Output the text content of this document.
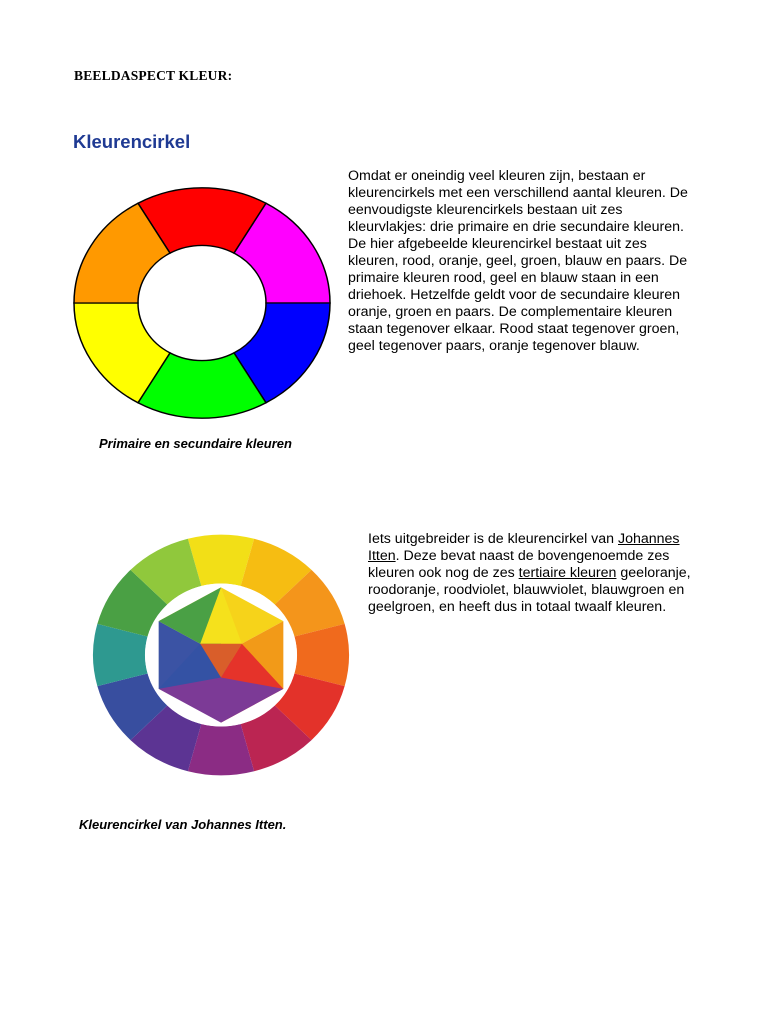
BEELDASPECT KLEUR:
Kleurencirkel

Primaire en secundaire kleuren

Omdat er oneindig veel kleuren zijn, bestaan er kleurencirkels met een verschillend aantal kleuren. De eenvoudigste kleurencirkels bestaan uit zes kleurvlakjes: drie primaire en drie secundaire kleuren.

De hier afgebeelde kleurencirkel bestaat uit zes kleuren, rood, oranje, geel, groen, blauw en paars. De primaire kleuren rood, geel en blauw staan in een driehoek. Hetzelfde geldt voor de secundaire kleuren oranje, groen en paars. De complementaire kleuren staan tegenover elkaar. Rood staat tegenover groen, geel tegenover paars, oranje tegenover blauw.

Iets uitgebreider is de kleurencirkel van Johannes Itten. Deze bevat naast de bovengenoemde zes kleuren ook nog de zes tertiaire kleuren geeloranje, roodoranje, roodviolet, blauwviolet, blauwgroen en geelgroen, en heeft dus in totaal twaalf kleuren.

Kleurencirkel van Johannes Itten.
